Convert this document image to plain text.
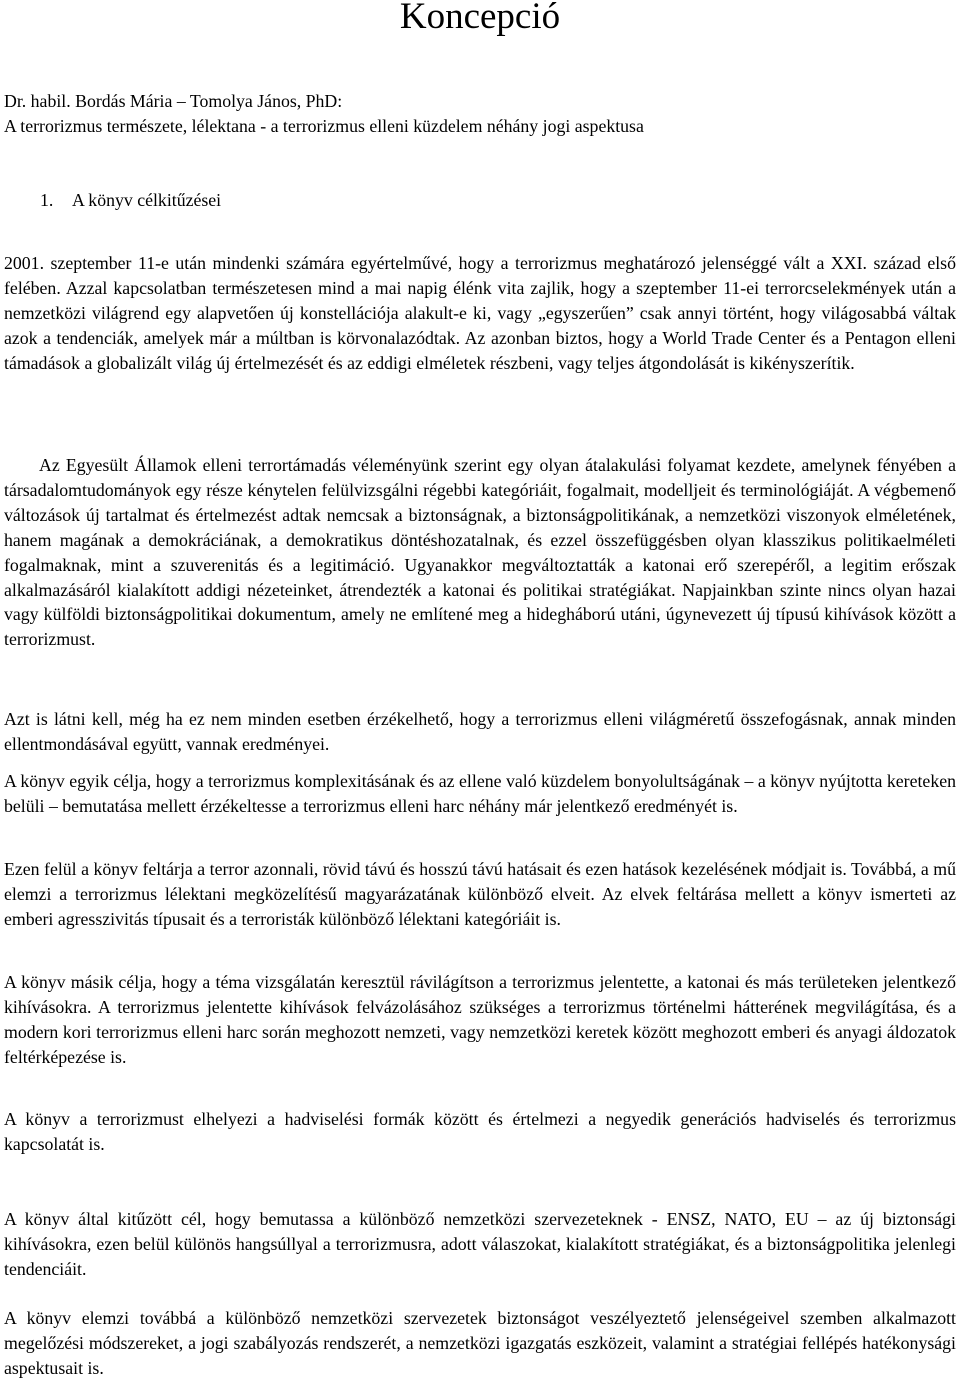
Koncepció
Dr. habil. Bordás Mária – Tomolya János, PhD:
A terrorizmus természete, lélektana - a terrorizmus elleni küzdelem néhány jogi aspektusa
1. A könyv célkitűzései

2001. szeptember 11-e után mindenki számára egyértelművé, hogy a terrorizmus meghatározó jelenséggé vált a XXI. század első felében. Azzal kapcsolatban természetesen mind a mai napig élénk vita zajlik, hogy a szeptember 11-ei terrorcselekmények után a nemzetközi világrend egy alapvetően új konstellációja alakult-e ki, vagy „egyszerűen” csak annyi történt, hogy világosabbá váltak azok a tendenciák, amelyek már a múltban is körvonalazódtak. Az azonban biztos, hogy a World Trade Center és a Pentagon elleni támadások a globalizált világ új értelmezését és az eddigi elméletek részbeni, vagy teljes átgondolását is kikényszerítik.

Az Egyesült Államok elleni terrortámadás véleményünk szerint egy olyan átalakulási folyamat kezdete, amelynek fényében a társadalomtudományok egy része kénytelen felülvizsgálni régebbi kategóriáit, fogalmait, modelljeit és terminológiáját. A végbemenő változások új tartalmat és értelmezést adtak nemcsak a biztonságnak, a biztonságpolitikának, a nemzetközi viszonyok elméletének, hanem magának a demokráciának, a demokratikus döntéshozatalnak, és ezzel összefüggésben olyan klasszikus politikaelméleti fogalmaknak, mint a szuverenitás és a legitimáció. Ugyanakkor megváltoztatták a katonai erő szerepéről, a legitim erőszak alkalmazásáról kialakított addigi nézeteinket, átrendezték a katonai és politikai stratégiákat. Napjainkban szinte nincs olyan hazai vagy külföldi biztonságpolitikai dokumentum, amely ne említené meg a hidegháború utáni, úgynevezett új típusú kihívások között a terrorizmust.

Azt is látni kell, még ha ez nem minden esetben érzékelhető, hogy a terrorizmus elleni világméretű összefogásnak, annak minden ellentmondásával együtt, vannak eredményei.

A könyv egyik célja, hogy a terrorizmus komplexitásának és az ellene való küzdelem bonyolultságának – a könyv nyújtotta kereteken belüli – bemutatása mellett érzékeltesse a terrorizmus elleni harc néhány már jelentkező eredményét is.

Ezen felül a könyv feltárja a terror azonnali, rövid távú és hosszú távú hatásait és ezen hatások kezelésének módjait is. Továbbá, a mű elemzi a terrorizmus lélektani megközelítésű magyarázatának különböző elveit. Az elvek feltárása mellett a könyv ismerteti az emberi agresszivitás típusait és a terroristák különböző lélektani kategóriáit is.

A könyv másik célja, hogy a téma vizsgálatán keresztül rávilágítson a terrorizmus jelentette, a katonai és más területeken jelentkező kihívásokra. A terrorizmus jelentette kihívások felvázolásához szükséges a terrorizmus történelmi hátterének megvilágítása, és a modern kori terrorizmus elleni harc során meghozott nemzeti, vagy nemzetközi keretek között meghozott emberi és anyagi áldozatok feltérképezése is.

A könyv a terrorizmust elhelyezi a hadviselési formák között és értelmezi a negyedik generációs hadviselés és terrorizmus kapcsolatát is.

A könyv által kitűzött cél, hogy bemutassa a különböző nemzetközi szervezeteknek - ENSZ, NATO, EU – az új biztonsági kihívásokra, ezen belül különös hangsúllyal a terrorizmusra, adott válaszokat, kialakított stratégiákat, és a biztonságpolitika jelenlegi tendenciáit.

A könyv elemzi továbbá a különböző nemzetközi szervezetek biztonságot veszélyeztető jelenségeivel szemben alkalmazott megelőzési módszereket, a jogi szabályozás rendszerét, a nemzetközi igazgatás eszközeit, valamint a stratégiai fellépés hatékonysági aspektusait is.
